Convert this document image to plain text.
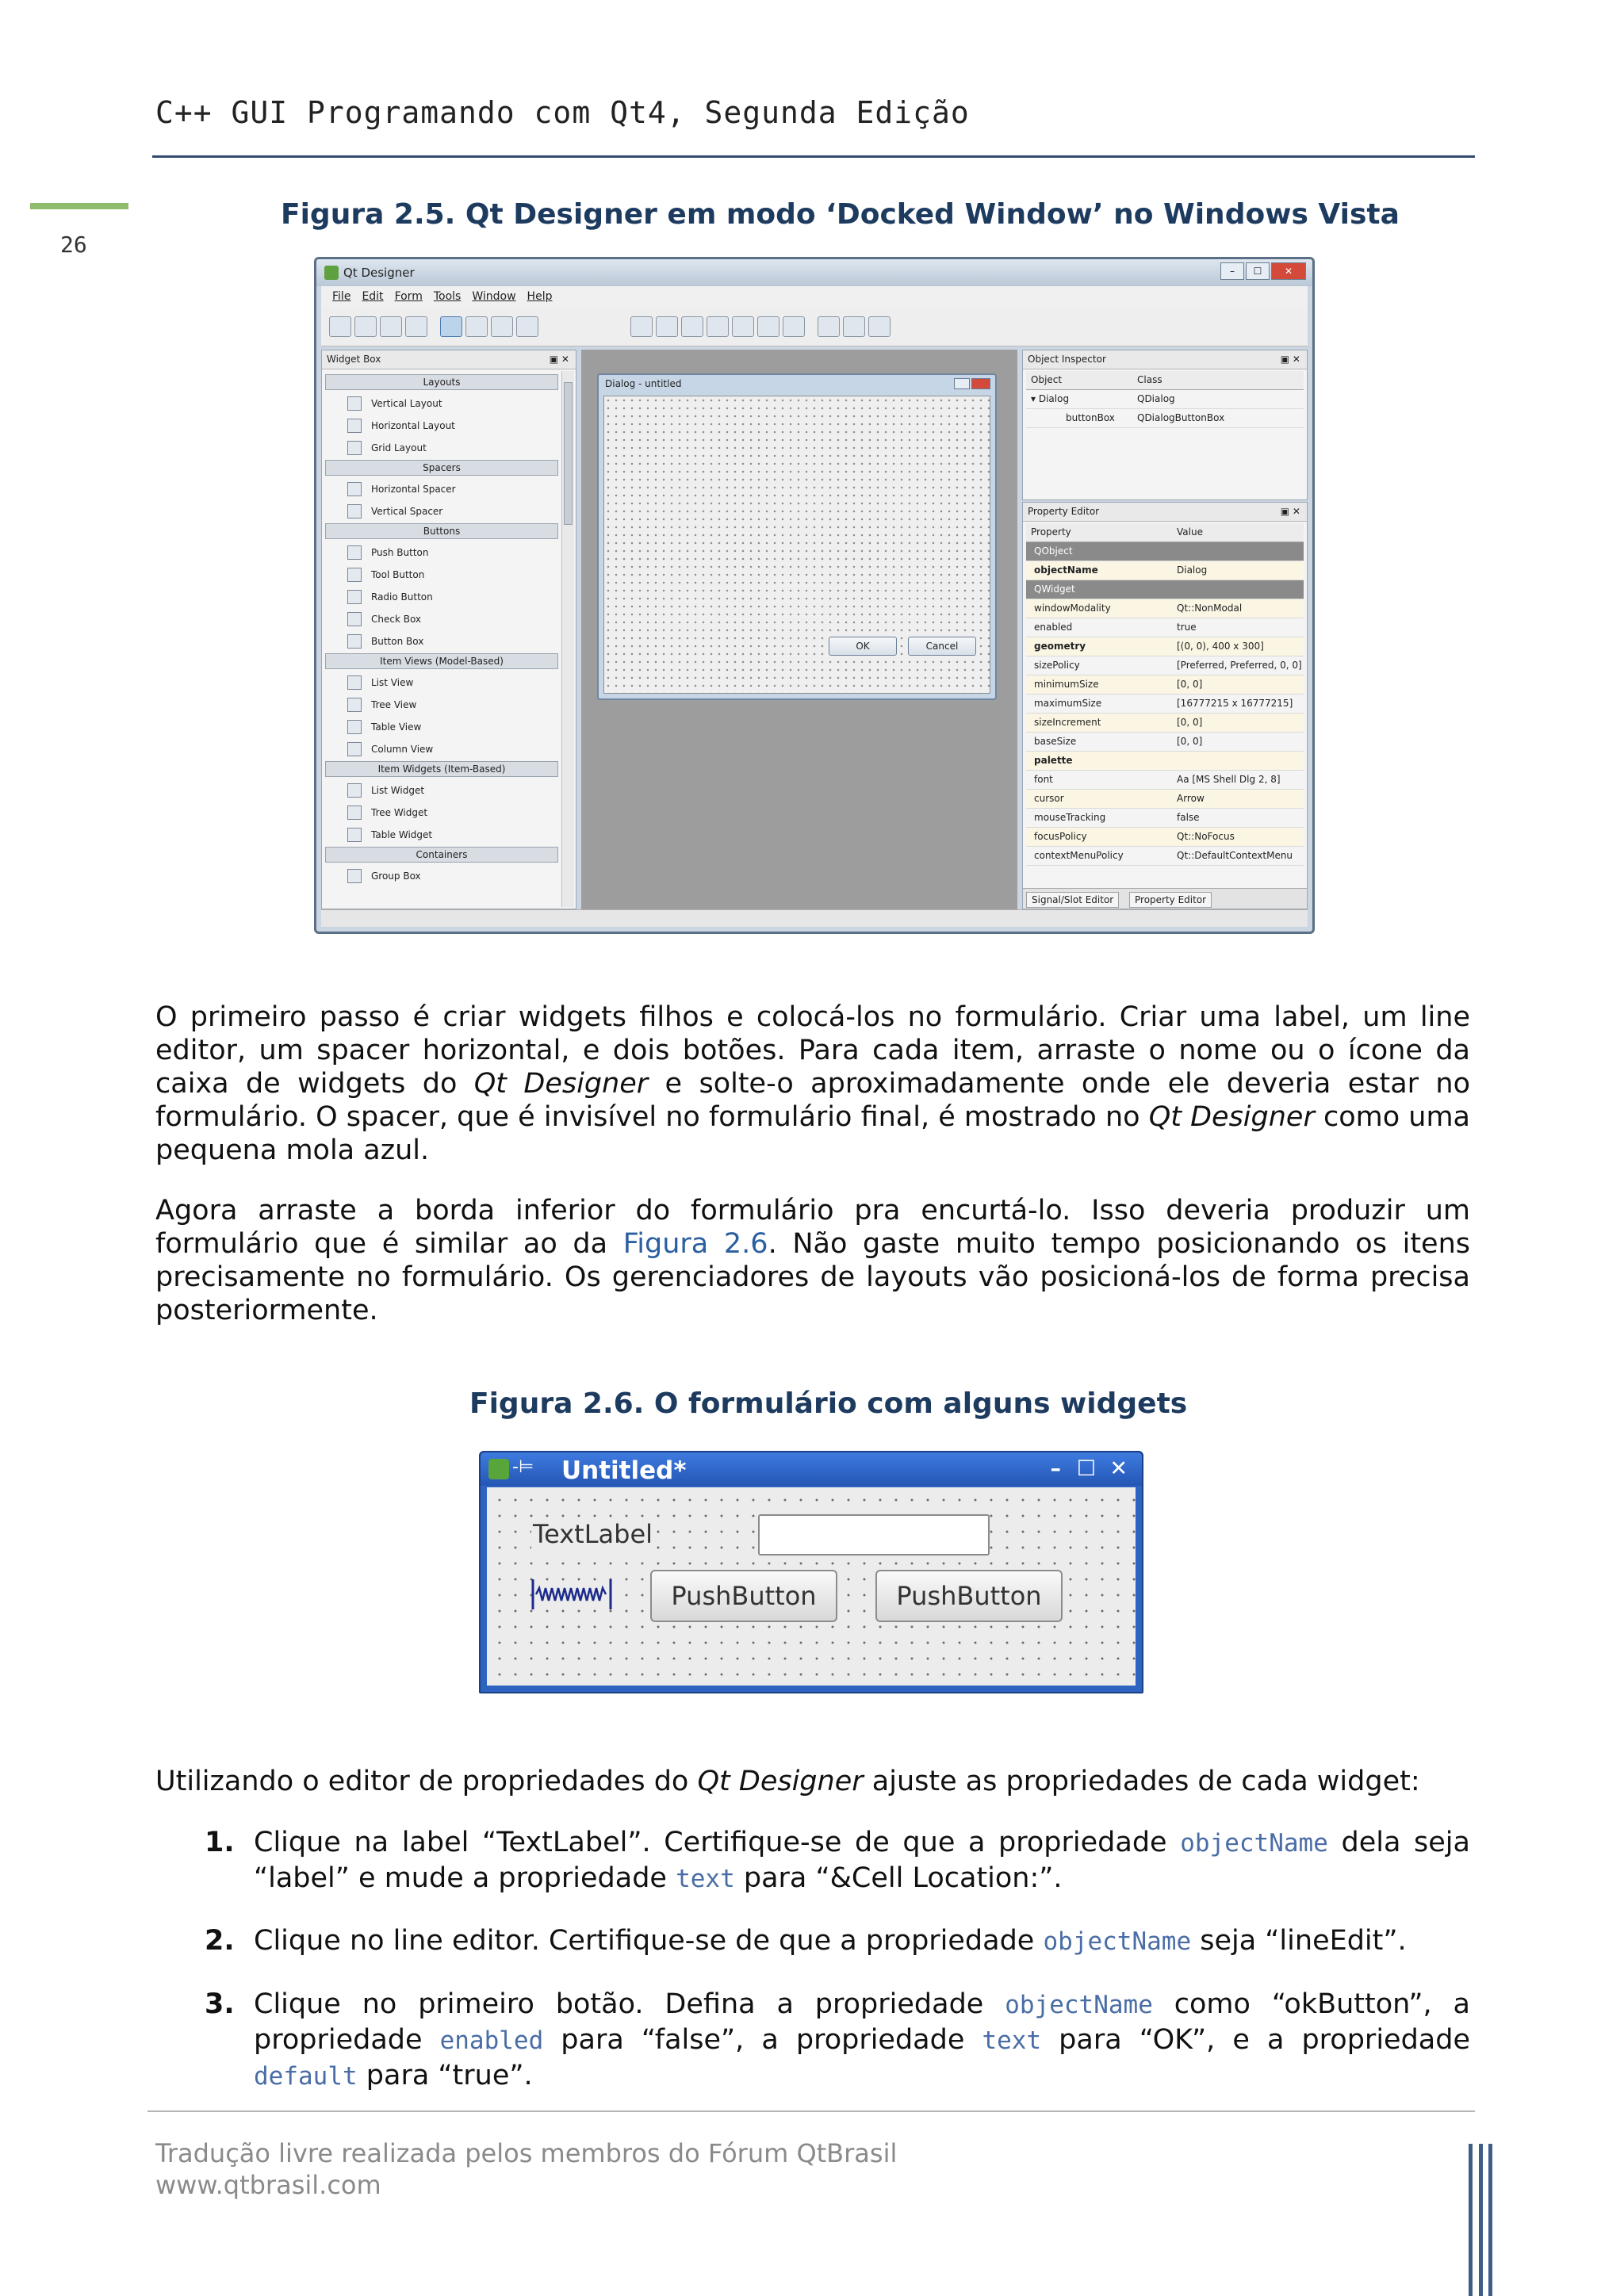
C++ GUI Programando com Qt4, Segunda Edição
26
Figura 2.5. Qt Designer em modo ‘Docked Window’ no Windows Vista
Qt Designer	–	☐	✕
File Edit Form Tools Window Help
Widget Box	▣ ✕
Layouts
Vertical Layout
Horizontal Layout
Grid Layout
Spacers
Horizontal Spacer
Vertical Spacer
Buttons
Push Button
Tool Button
Radio Button
Check Box
Button Box
Item Views (Model-Based)
List View
Tree View
Table View
Column View
Item Widgets (Item-Based)
List Widget
Tree Widget
Table Widget
Containers
Group Box
Dialog - untitled
OK	Cancel
Object Inspector	▣ ✕
Object	Class
▾ Dialog	QDialog
buttonBox QDialogButtonBox
Property Editor	▣ ✕
Property	Value
QObject
objectName	Dialog
QWidget
windowModality	Qt::NonModal
enabled	true
geometry	[(0, 0), 400 x 300]
sizePolicy	[Preferred, Preferred, 0, 0]
minimumSize	[0, 0]
maximumSize	[16777215 x 16777215]
sizeIncrement	[0, 0]
baseSize	[0, 0]
palette
font	Aa [MS Shell Dlg 2, 8]
cursor	Arrow
mouseTracking	false
focusPolicy	Qt::NoFocus
contextMenuPolicy	Qt::DefaultContextMenu
Signal/Slot Editor	Property Editor

O primeiro passo é criar widgets filhos e colocá-los no formulário. Criar uma label, um line editor, um spacer horizontal, e dois botões. Para cada item, arraste o nome ou o ícone da caixa de widgets do Qt Designer e solte-o aproximadamente onde ele deveria estar no formulário. O spacer, que é invisível no formulário final, é mostrado no Qt Designer como uma pequena mola azul.

Agora arraste a borda inferior do formulário pra encurtá-lo. Isso deveria produzir um formulário que é similar ao da Figura 2.6. Não gaste muito tempo posicionando os itens precisamente no formulário. Os gerenciadores de layouts vão posicioná-los de forma precisa posteriormente.

Figura 2.6. O formulário com alguns widgets
-⊨ Untitled*	– ☐ ✕
TextLabel
PushButton	PushButton

Utilizando o editor de propriedades do Qt Designer ajuste as propriedades de cada widget:

1. Clique na label “TextLabel”. Certifique-se de que a propriedade objectName dela seja “label” e mude a propriedade text para “&Cell Location:”.

2. Clique no line editor. Certifique-se de que a propriedade objectName seja “lineEdit”.

3. Clique no primeiro botão. Defina a propriedade objectName como “okButton”, a propriedade enabled para “false”, a propriedade text para “OK”, e a propriedade default para “true”.

Tradução livre realizada pelos membros do Fórum QtBrasil
www.qtbrasil.com
